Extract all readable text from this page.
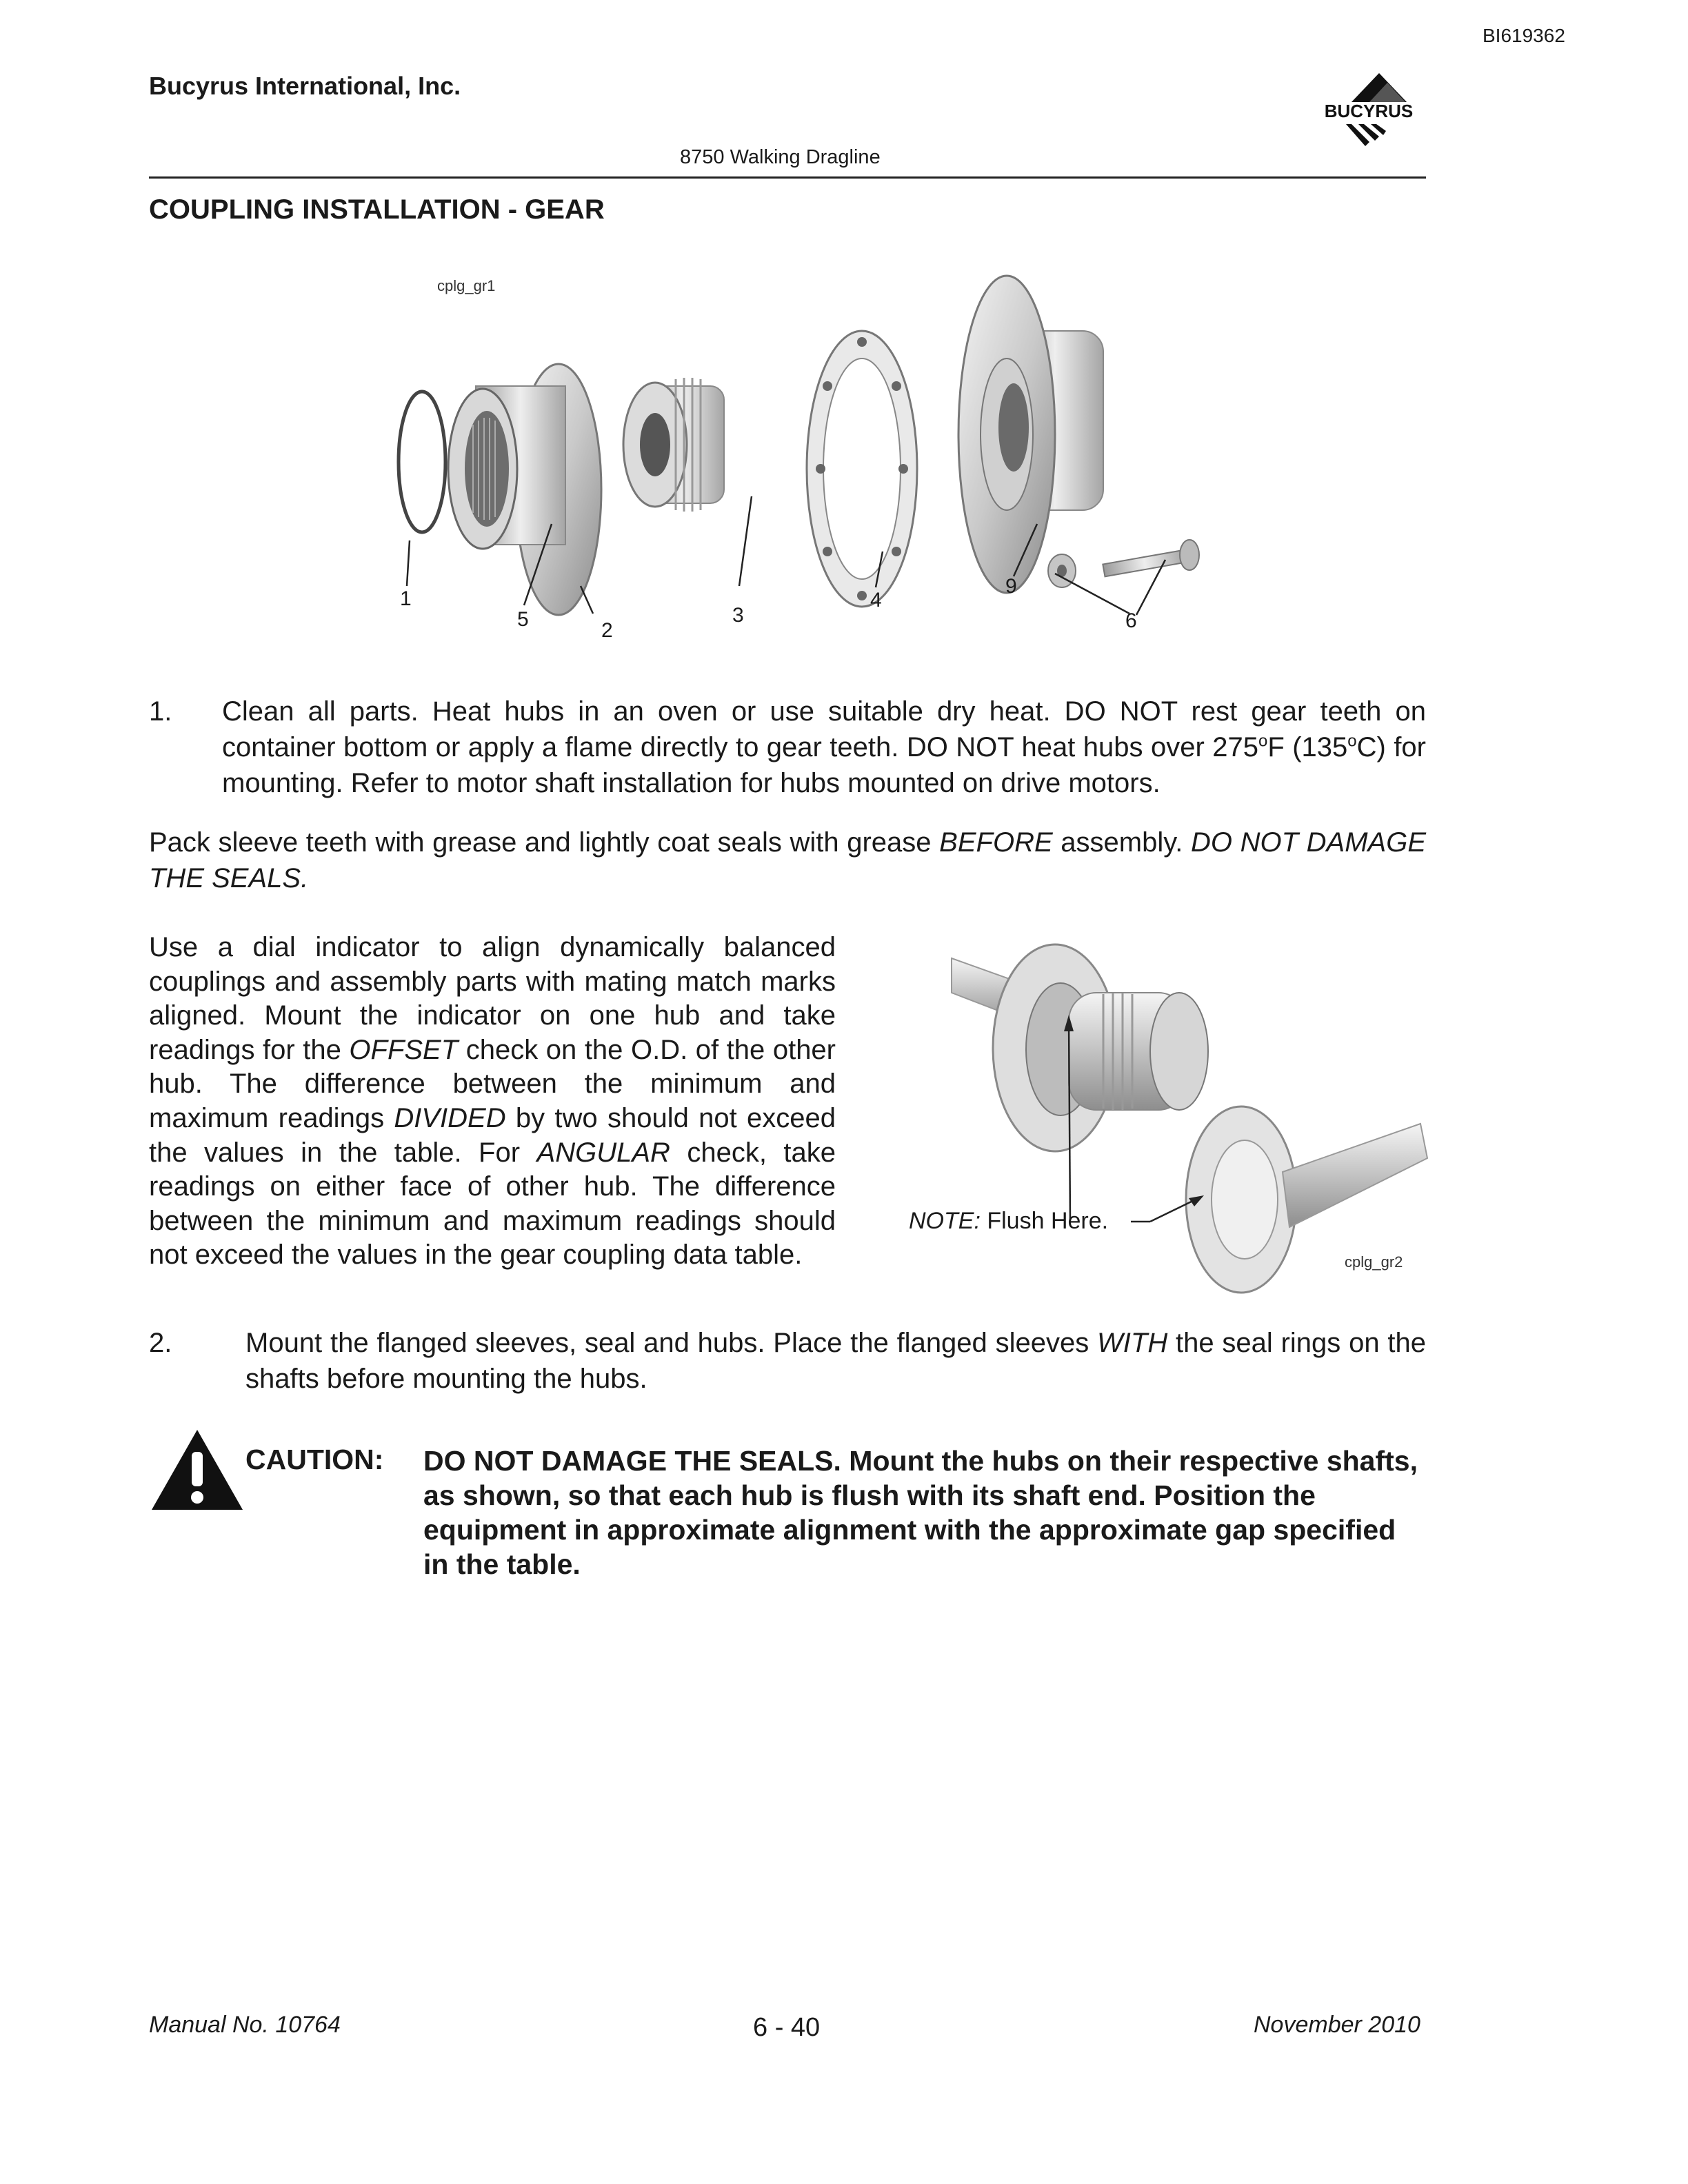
BI619362
Bucyrus International, Inc.
BUCYRUS
8750 Walking Dragline
COUPLING INSTALLATION - GEAR
cplg_gr1
1
5	2
3
4
9
6
1. Clean all parts. Heat hubs in an oven or use suitable dry heat. DO NOT rest gear teeth on container bottom or apply a flame directly to gear teeth. DO NOT heat hubs over 275$^o$F (135$^o$C) for mounting. Refer to motor shaft installation for hubs mounted on drive motors.
Pack sleeve teeth with grease and lightly coat seals with grease BEFORE assembly. DO NOT DAMAGE THE SEALS.
Use a dial indicator to align dynamically balanced couplings and assembly parts with mating match marks aligned. Mount the indicator on one hub and take readings for the OFFSET check on the O.D. of the other hub. The difference between the minimum and maximum readings DIVIDED by two should not exceed the values in the table. For ANGULAR check, take readings on either face of other hub. The difference between the minimum and maximum readings should not exceed the values in the gear coupling data table.
NOTE: Flush Here.
cplg_gr2
2.	Mount the flanged sleeves, seal and hubs. Place the flanged sleeves WITH the seal rings on the shafts before mounting the hubs.
CAUTION: DO NOT DAMAGE THE SEALS. Mount the hubs on their respective shafts, as shown, so that each hub is flush with its shaft end. Position the equipment in approximate alignment with the approximate gap specified in the table.
Manual No. 10764	6 - 40	November 2010
